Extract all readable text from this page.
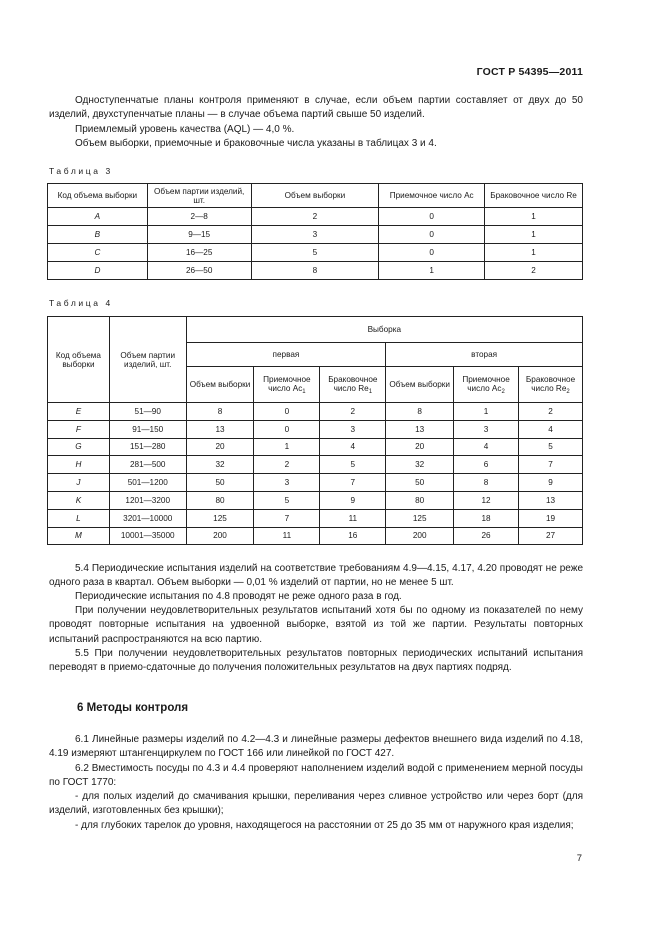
ГОСТ Р 54395—2011
Одноступенчатые планы контроля применяют в случае, если объем партии составляет от двух до 50 изделий, двухступенчатые планы — в случае объема партий свыше 50 изделий.
Приемлемый уровень качества (AQL) — 4,0 %.
Объем выборки, приемочные и браковочные числа указаны в таблицах 3 и 4.
Таблица 3
Код объема выборки	Объем партии изделий, шт.	Объем выборки	Приемочное число Ac	Браковочное число Re
A	2—8	2	0	1
B	9—15	3	0	1
C	16—25	5	0	1
D	26—50	8	1	2
Таблица 4
Код объема выборки	Объем партии изделий, шт.	Выборка					
		первая			вторая		
		Объем выборки	Приемочное число $Ac_1$	Браковочное число $Re_1$	Объем выборки	Приемочное число $Ac_2$	Браковочное число $Re_2$
E	51—90	8	0	2	8	1	2
F	91—150	13	0	3	13	3	4
G	151—280	20	1	4	20	4	5
H	281—500	32	2	5	32	6	7
J	501—1200	50	3	7	50	8	9
K	1201—3200	80	5	9	80	12	13
L	3201—10000	125	7	11	125	18	19
M	10001—35000	200	11	16	200	26	27
5.4 Периодические испытания изделий на соответствие требованиям 4.9—4.15, 4.17, 4.20 проводят не реже одного раза в квартал. Объем выборки — 0,01 % изделий от партии, но не менее 5 шт.
Периодические испытания по 4.8 проводят не реже одного раза в год.
При получении неудовлетворительных результатов испытаний хотя бы по одному из показателей по нему проводят повторные испытания на удвоенной выборке, взятой из той же партии. Результаты повторных испытаний распространяются на всю партию.
5.5 При получении неудовлетворительных результатов повторных периодических испытаний испытания переводят в приемо-сдаточные до получения положительных результатов на двух партиях подряд.
6 Методы контроля
6.1 Линейные размеры изделий по 4.2—4.3 и линейные размеры дефектов внешнего вида изделий по 4.18, 4.19 измеряют штангенциркулем по ГОСТ 166 или линейкой по ГОСТ 427.
6.2 Вместимость посуды по 4.3 и 4.4 проверяют наполнением изделий водой с применением мерной посуды по ГОСТ 1770:
- для полых изделий до смачивания крышки, переливания через сливное устройство или через борт (для изделий, изготовленных без крышки);
- для глубоких тарелок до уровня, находящегося на расстоянии от 25 до 35 мм от наружного края изделия;
7
